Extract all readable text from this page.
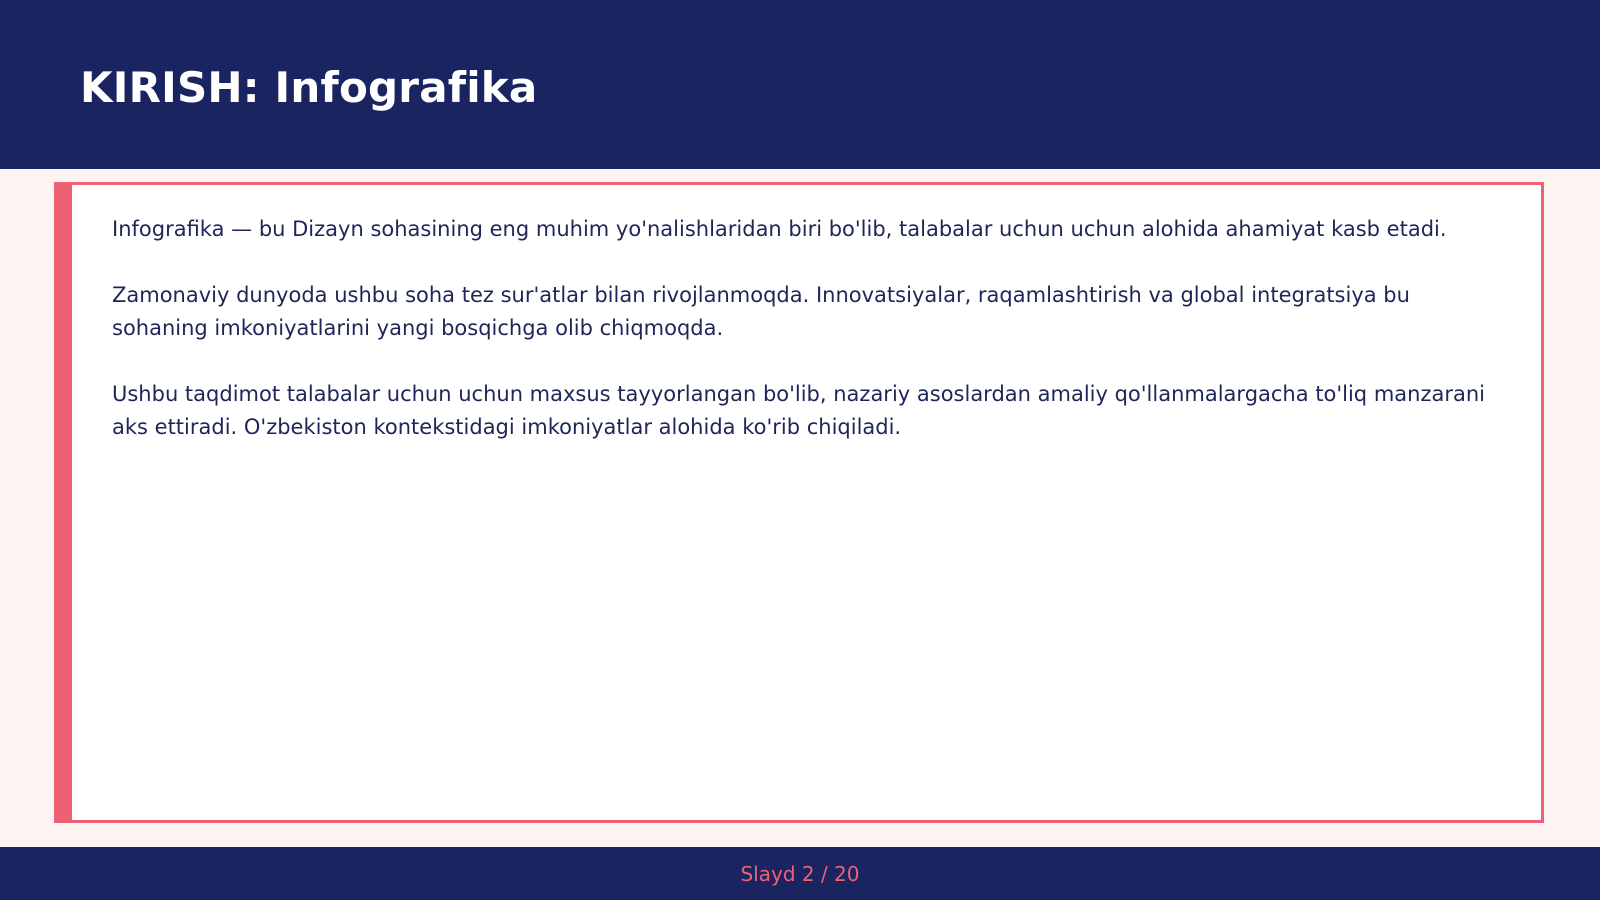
KIRISH: Infografika

Infografika — bu Dizayn sohasining eng muhim yo'nalishlaridan biri bo'lib, talabalar uchun uchun alohida ahamiyat kasb etadi.

Zamonaviy dunyoda ushbu soha tez sur'atlar bilan rivojlanmoqda. Innovatsiyalar, raqamlashtirish va global integratsiya bu sohaning imkoniyatlarini yangi bosqichga olib chiqmoqda.

Ushbu taqdimot talabalar uchun uchun maxsus tayyorlangan bo'lib, nazariy asoslardan amaliy qo'llanmalargacha to'liq manzarani aks ettiradi. O'zbekiston kontekstidagi imkoniyatlar alohida ko'rib chiqiladi.

Slayd 2 / 20
